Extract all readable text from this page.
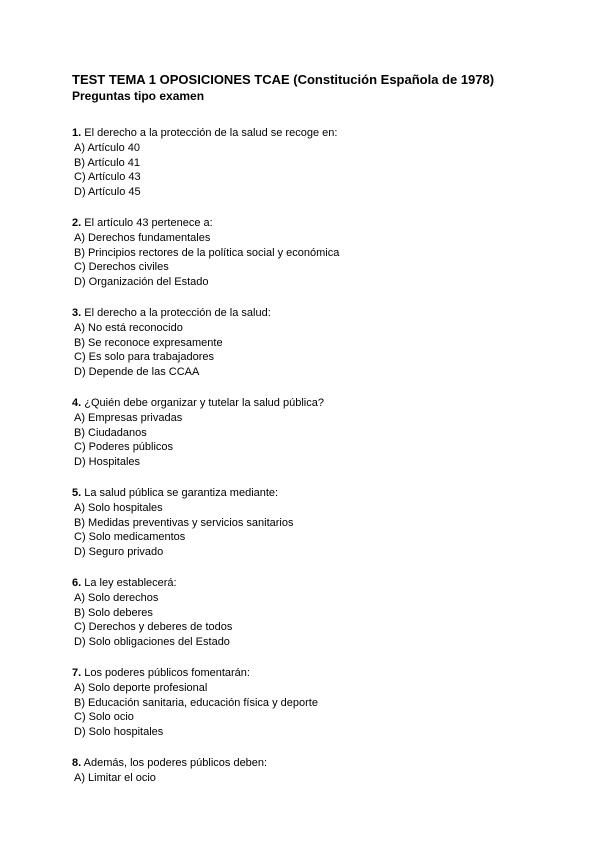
TEST TEMA 1 OPOSICIONES TCAE (Constitución Española de 1978)
Preguntas tipo examen

1. El derecho a la protección de la salud se recoge en:

A) Artículo 40
B) Artículo 41
C) Artículo 43
D) Artículo 45

2. El artículo 43 pertenece a:

A) Derechos fundamentales
B) Principios rectores de la política social y económica
C) Derechos civiles
D) Organización del Estado

3. El derecho a la protección de la salud:

A) No está reconocido
B) Se reconoce expresamente
C) Es solo para trabajadores
D) Depende de las CCAA

4. ¿Quién debe organizar y tutelar la salud pública?

A) Empresas privadas
B) Ciudadanos
C) Poderes públicos
D) Hospitales

5. La salud pública se garantiza mediante:

A) Solo hospitales
B) Medidas preventivas y servicios sanitarios
C) Solo medicamentos
D) Seguro privado

6. La ley establecerá:

A) Solo derechos
B) Solo deberes
C) Derechos y deberes de todos
D) Solo obligaciones del Estado

7. Los poderes públicos fomentarán:

A) Solo deporte profesional
B) Educación sanitaria, educación física y deporte
C) Solo ocio
D) Solo hospitales

8. Además, los poderes públicos deben:

A) Limitar el ocio
